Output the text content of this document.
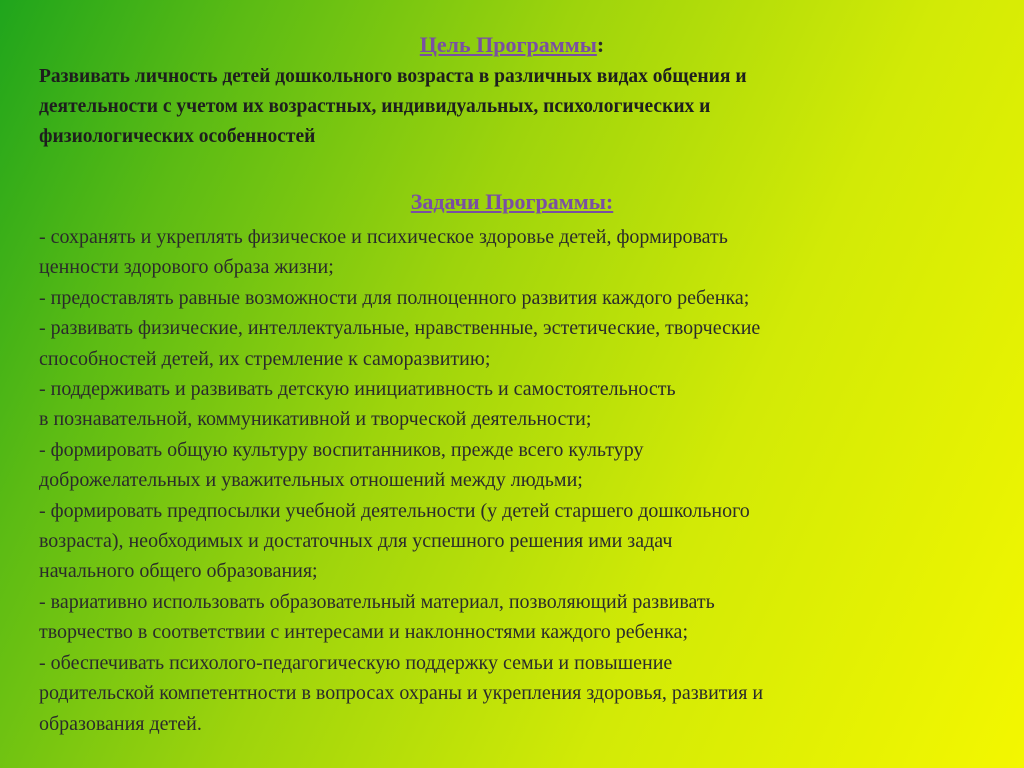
Цель Программы:

Развивать личность детей дошкольного возраста в различных видах общения и
деятельности с учетом их возрастных, индивидуальных, психологических и
физиологических особенностей

Задачи Программы:

- сохранять и укреплять физическое и психическое здоровье детей, формировать
ценности здорового образа жизни;
- предоставлять равные возможности для полноценного развития каждого ребенка;
- развивать физические, интеллектуальные, нравственные, эстетические, творческие
способностей детей, их стремление к саморазвитию;
- поддерживать и развивать детскую инициативность и самостоятельность
в познавательной, коммуникативной и творческой деятельности;
- формировать общую культуру воспитанников, прежде всего культуру
доброжелательных и уважительных отношений между людьми;
- формировать предпосылки учебной деятельности (у детей старшего дошкольного
возраста), необходимых и достаточных для успешного решения ими задач
начального общего образования;
- вариативно использовать образовательный материал, позволяющий развивать
творчество в соответствии с интересами и наклонностями каждого ребенка;
- обеспечивать психолого-педагогическую поддержку семьи и повышение
родительской компетентности в вопросах охраны и укрепления здоровья, развития и
образования детей.
